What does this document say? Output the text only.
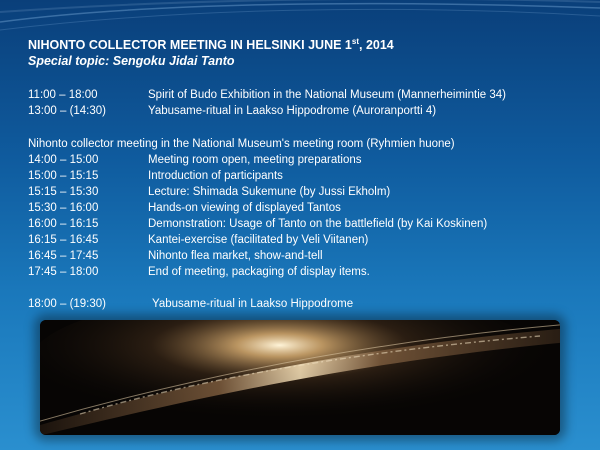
NIHONTO COLLECTOR MEETING IN HELSINKI JUNE 1st, 2014
Special topic: Sengoku Jidai Tanto
11:00 – 18:00	Spirit of Budo Exhibition in the National Museum (Mannerheimintie 34)
13:00 – (14:30)	Yabusame-ritual in Laakso Hippodrome (Auroranportti 4)
Nihonto collector meeting in the National Museum's meeting room (Ryhmien huone)
14:00 – 15:00	Meeting room open, meeting preparations
15:00 – 15:15	Introduction of participants
15:15 – 15:30	Lecture: Shimada Sukemune (by Jussi Ekholm)
15:30 – 16:00	Hands-on viewing of displayed Tantos
16:00 – 16:15	Demonstration: Usage of Tanto on the battlefield (by Kai Koskinen)
16:15 – 16:45	Kantei-exercise (facilitated by Veli Viitanen)
16:45 – 17:45	Nihonto flea market, show-and-tell
17:45 – 18:00	End of meeting, packaging of display items.
18:00 – (19:30)	Yabusame-ritual in Laakso Hippodrome
